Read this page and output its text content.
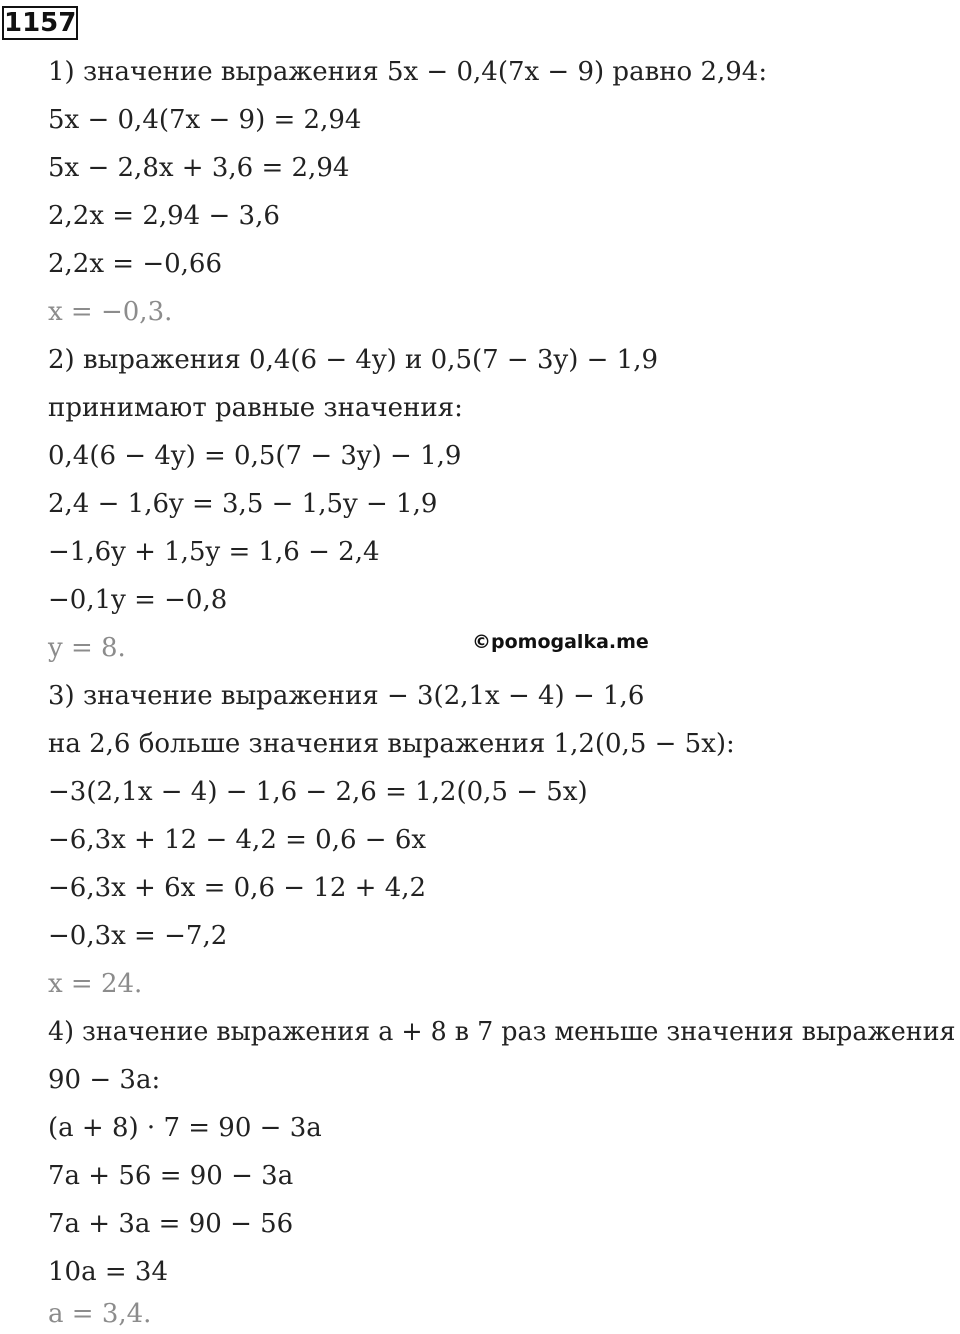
1157
1) значение выражения 5x − 0,4(7x − 9) равно 2,94:
5x − 0,4(7x − 9) = 2,94
5x − 2,8x + 3,6 = 2,94
2,2x = 2,94 − 3,6
2,2x = −0,66
x = −0,3.
2) выражения 0,4(6 − 4y) и 0,5(7 − 3y) − 1,9
принимают равные значения:
0,4(6 − 4y) = 0,5(7 − 3y) − 1,9
2,4 − 1,6y = 3,5 − 1,5y − 1,9
−1,6y + 1,5y = 1,6 − 2,4
−0,1y = −0,8
y = 8.	©pomogalka.me
3) значение выражения − 3(2,1x − 4) − 1,6
на 2,6 больше значения выражения 1,2(0,5 − 5x):
−3(2,1x − 4) − 1,6 − 2,6 = 1,2(0,5 − 5x)
−6,3x + 12 − 4,2 = 0,6 − 6x
−6,3x + 6x = 0,6 − 12 + 4,2
−0,3x = −7,2
x = 24.
4) значение выражения a + 8 в 7 раз меньше значения выражения
90 − 3a:
(a + 8) · 7 = 90 − 3a
7a + 56 = 90 − 3a
7a + 3a = 90 − 56
10a = 34
a = 3,4.
